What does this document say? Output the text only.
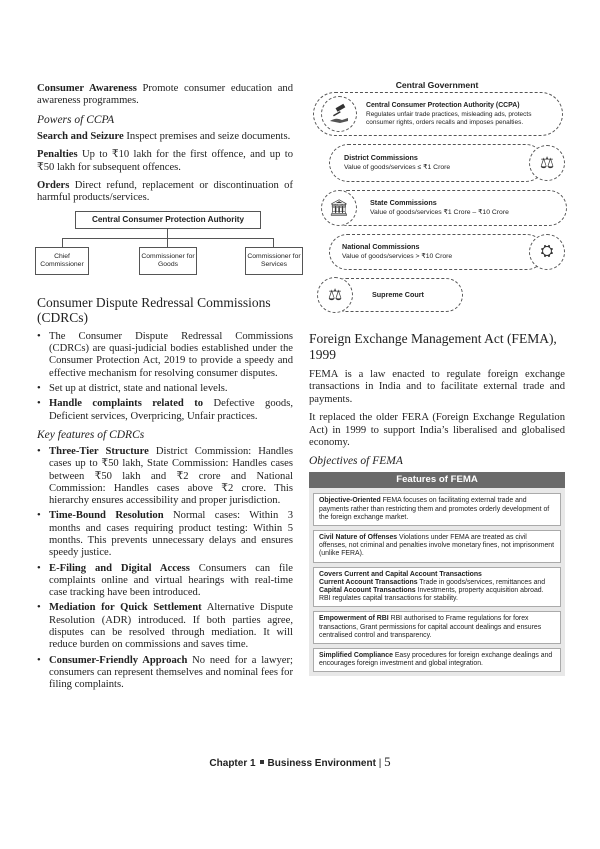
Consumer Awareness Promote consumer education and awareness programmes.

Powers of CCPA

Search and Seizure Inspect premises and seize documents.

Penalties Up to ₹10 lakh for the first offence, and up to ₹50 lakh for subsequent offences.

Orders Direct refund, replacement or discontinuation of harmful products/services.

Central Consumer Protection Authority
Chief Commissioner
Commissioner for Goods
Commissioner for Services
Consumer Dispute Redressal Commissions (CDRCs)
• The Consumer Dispute Redressal Commissions (CDRCs) are quasi-judicial bodies established under the Consumer Protection Act, 2019 to provide a speedy and effective mechanism for resolving consumer disputes.
• Set up at district, state and national levels.
• Handle complaints related to Defective goods, Deficient services, Overpricing, Unfair practices.
Key features of CDRCs
• Three-Tier Structure District Commission: Handles cases up to ₹50 lakh, State Commission: Handles cases between ₹50 lakh and ₹2 crore and National Commission: Handles cases above ₹2 crore. This hierarchy ensures accessibility and proper jurisdiction.
• Time-Bound Resolution Normal cases: Within 3 months and cases requiring product testing: Within 5 months. This prevents unnecessary delays and ensures speedy justice.
• E-Filing and Digital Access Consumers can file complaints online and virtual hearings with real-time case tracking have been introduced.
• Mediation for Quick Settlement Alternative Dispute Resolution (ADR) introduced. If both parties agree, disputes can be resolved through mediation. It will reduce burden on commissions and saves time.
• Consumer-Friendly Approach No need for a lawyer; consumers can represent themselves and nominal fees for filing complaints.
Central Government
Central Consumer Protection Authority (CCPA)
Regulates unfair trade practices, misleading ads, protects consumer rights, orders recalls and imposes penalties.
District Commissions
Value of goods/services ≤ ₹1 Crore	⚖
State Commissions
Value of goods/services ₹1 Crore – ₹10 Crore
🏛
National Commissions
Value of goods/services > ₹10 Crore	⛭
Supreme Court
⚖
Foreign Exchange Management Act (FEMA), 1999

FEMA is a law enacted to regulate foreign exchange transactions in India and to facilitate external trade and payments.

It replaced the older FERA (Foreign Exchange Regulation Act) in 1999 to support India’s liberalised and globalised economy.

Objectives of FEMA
Features of FEMA
Objective-Oriented FEMA focuses on facilitating external trade and payments rather than restricting them and promotes orderly development of the foreign exchange market.
Civil Nature of Offenses Violations under FEMA are treated as civil offenses, not criminal and penalties involve monetary fines, not imprisonment (unlike FERA).
Covers Current and Capital Account Transactions
Current Account Transactions Trade in goods/services, remittances and Capital Account Transactions Investments, property acquisition abroad. RBI regulates capital transactions for stability.
Empowerment of RBI RBI authorised to Frame regulations for forex transactions, Grant permissions for capital account dealings and ensures centralised control and transparency.
Simplified Compliance Easy procedures for foreign exchange dealings and encourages foreign investment and global integration.
Chapter 1 Business Environment | 5
